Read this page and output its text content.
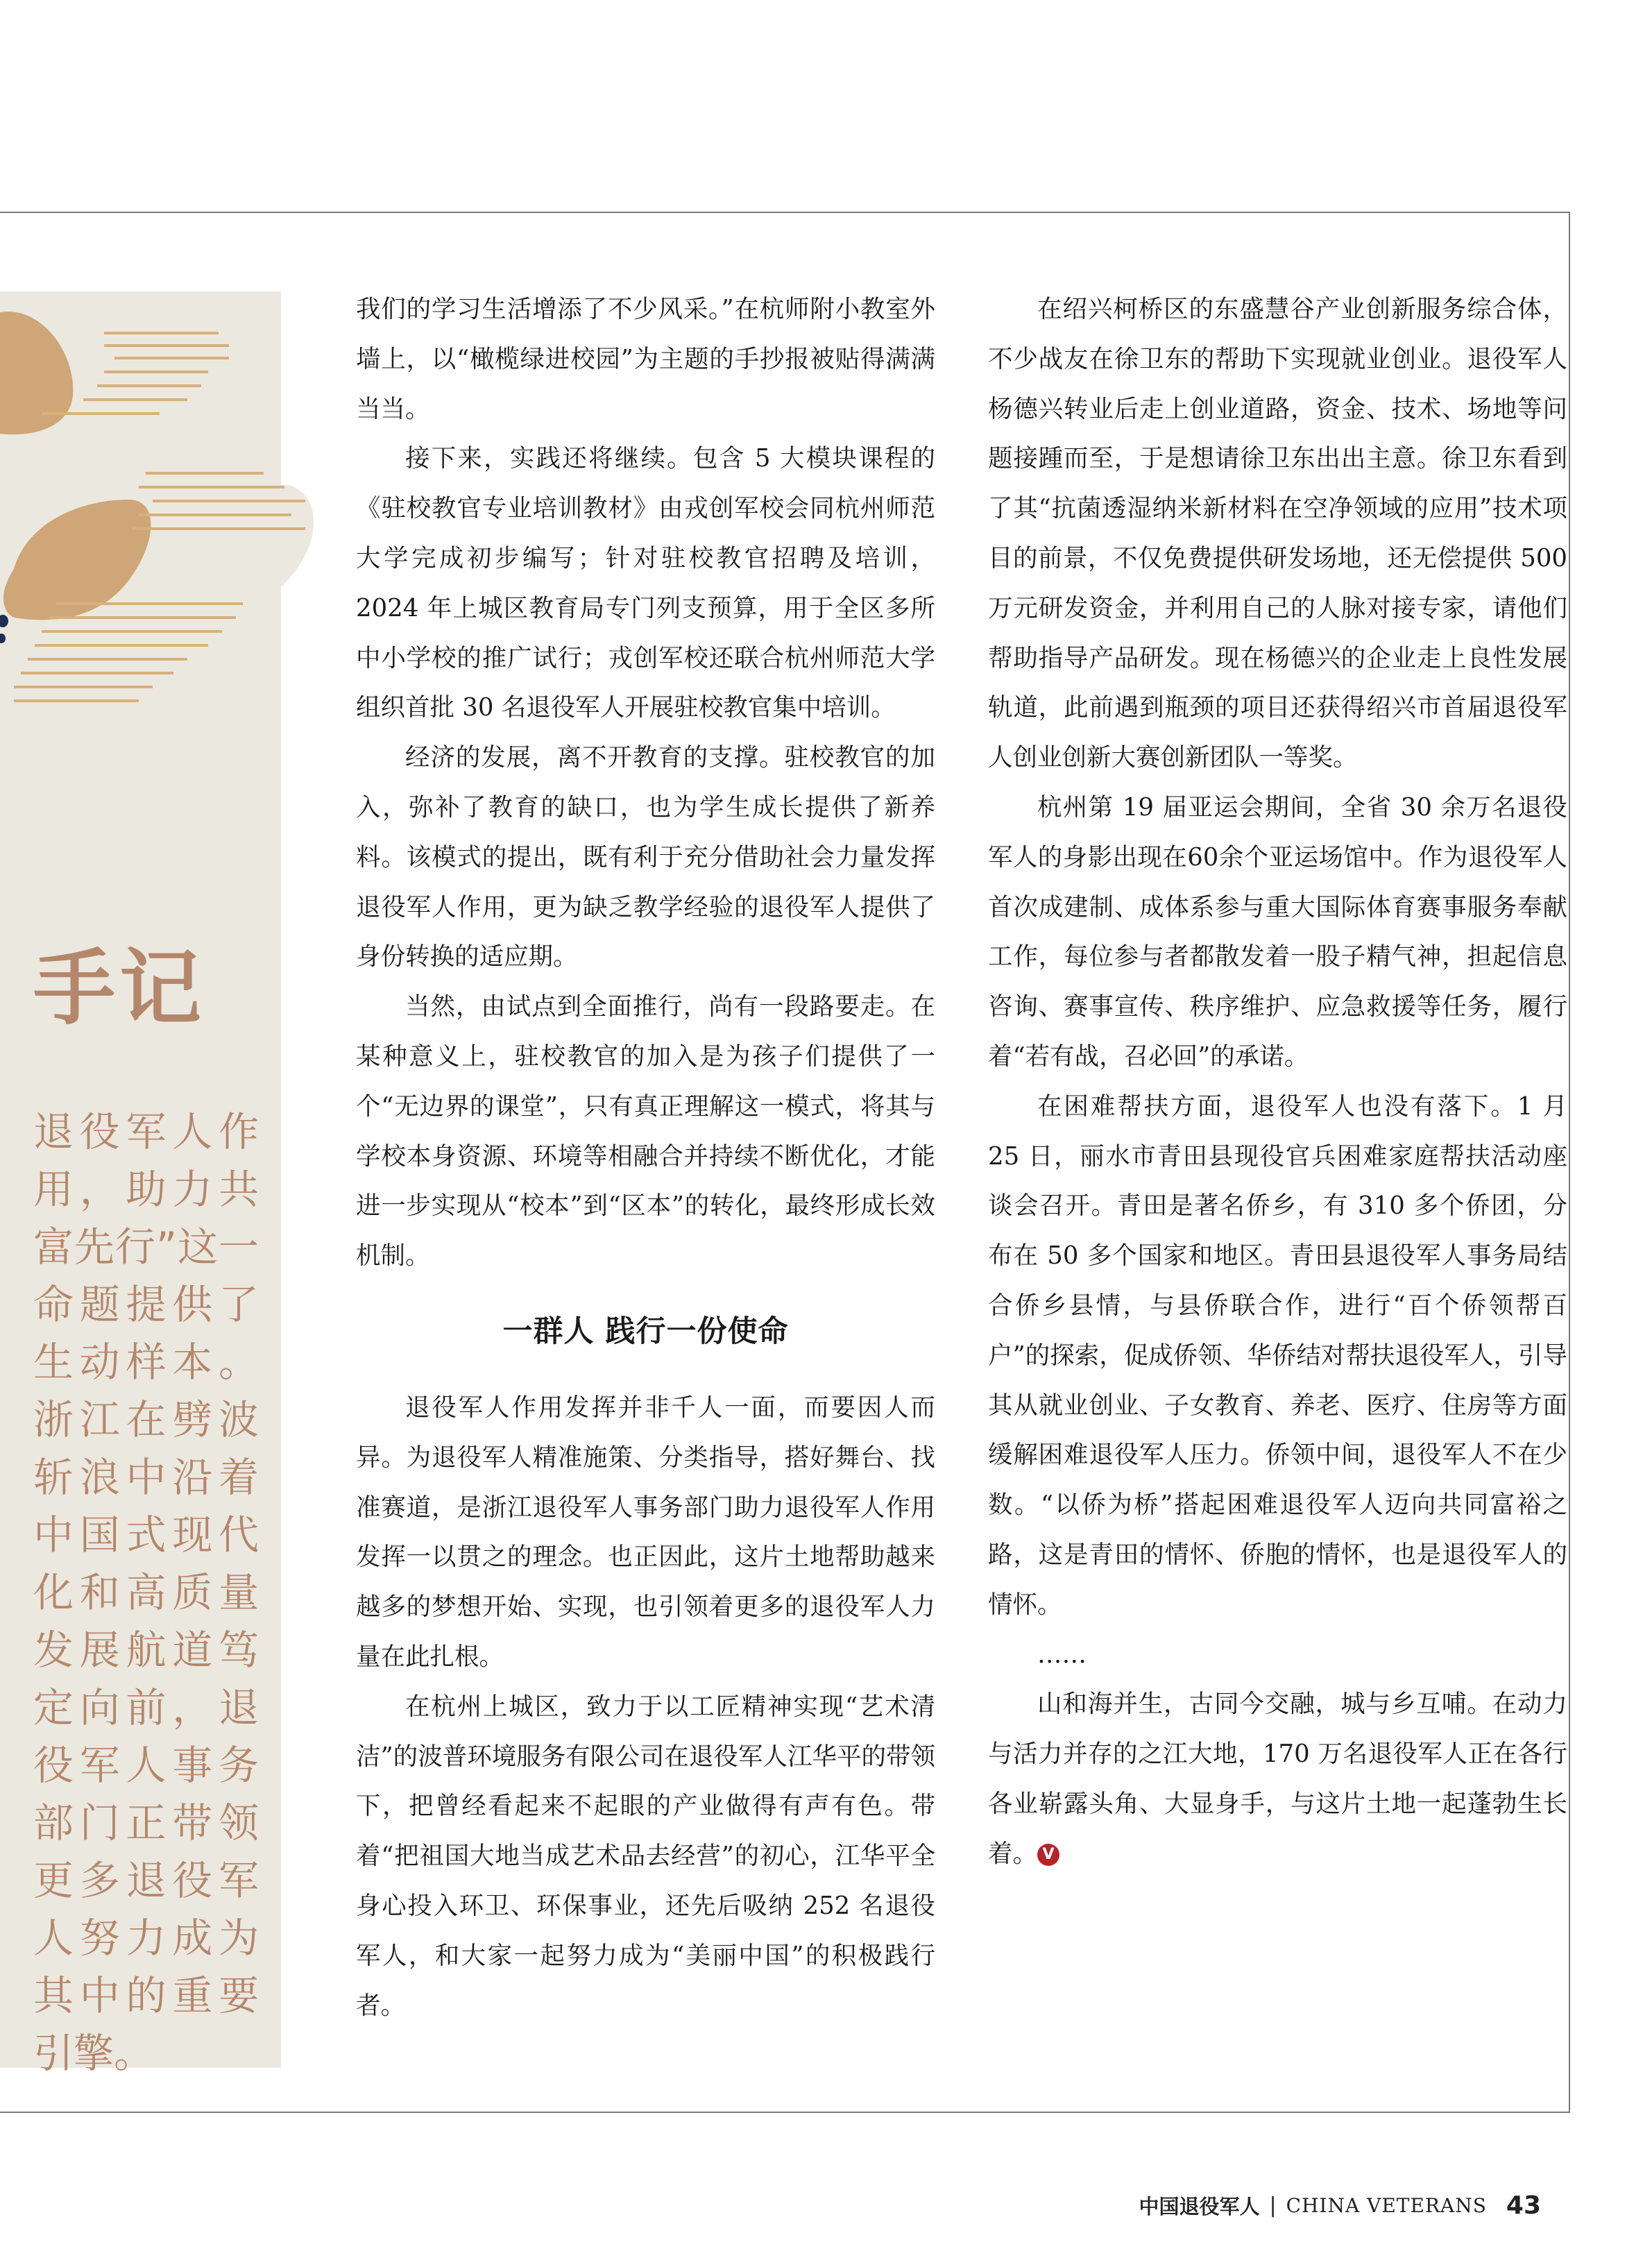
手记

退役军人作用，助力共富先行”这一命题提供了生动样本。浙江在劈波斩浪中沿着中国式现代化和高质量发展航道笃定向前，退役军人事务部门正带领更多退役军人努力成为其中的重要引擎。

我们的学习生活增添了不少风采。”在杭师附小教室外墙上，以“橄榄绿进校园”为主题的手抄报被贴得满满当当。

接下来，实践还将继续。包含 5 大模块课程的《驻校教官专业培训教材》由戎创军校会同杭州师范大学完成初步编写；针对驻校教官招聘及培训，2024 年上城区教育局专门列支预算，用于全区多所中小学校的推广试行；戎创军校还联合杭州师范大学组织首批 30 名退役军人开展驻校教官集中培训。

经济的发展，离不开教育的支撑。驻校教官的加入，弥补了教育的缺口，也为学生成长提供了新养料。该模式的提出，既有利于充分借助社会力量发挥退役军人作用，更为缺乏教学经验的退役军人提供了身份转换的适应期。

当然，由试点到全面推行，尚有一段路要走。在某种意义上，驻校教官的加入是为孩子们提供了一个“无边界的课堂”，只有真正理解这一模式，将其与学校本身资源、环境等相融合并持续不断优化，才能进一步实现从“校本”到“区本”的转化，最终形成长效机制。

一群人 践行一份使命

退役军人作用发挥并非千人一面，而要因人而异。为退役军人精准施策、分类指导，搭好舞台、找准赛道，是浙江退役军人事务部门助力退役军人作用发挥一以贯之的理念。也正因此，这片土地帮助越来越多的梦想开始、实现，也引领着更多的退役军人力量在此扎根。

在杭州上城区，致力于以工匠精神实现“艺术清洁”的波普环境服务有限公司在退役军人江华平的带领下，把曾经看起来不起眼的产业做得有声有色。带着“把祖国大地当成艺术品去经营”的初心，江华平全身心投入环卫、环保事业，还先后吸纳 252 名退役军人，和大家一起努力成为“美丽中国”的积极践行者。

在绍兴柯桥区的东盛慧谷产业创新服务综合体，不少战友在徐卫东的帮助下实现就业创业。退役军人杨德兴转业后走上创业道路，资金、技术、场地等问题接踵而至，于是想请徐卫东出出主意。徐卫东看到了其“抗菌透湿纳米新材料在空净领域的应用”技术项目的前景，不仅免费提供研发场地，还无偿提供 500 万元研发资金，并利用自己的人脉对接专家，请他们帮助指导产品研发。现在杨德兴的企业走上良性发展轨道，此前遇到瓶颈的项目还获得绍兴市首届退役军人创业创新大赛创新团队一等奖。

杭州第 19 届亚运会期间，全省 30 余万名退役军人的身影出现在60余个亚运场馆中。作为退役军人首次成建制、成体系参与重大国际体育赛事服务奉献工作，每位参与者都散发着一股子精气神，担起信息咨询、赛事宣传、秩序维护、应急救援等任务，履行着“若有战，召必回”的承诺。

在困难帮扶方面，退役军人也没有落下。1 月 25 日，丽水市青田县现役官兵困难家庭帮扶活动座谈会召开。青田是著名侨乡，有 310 多个侨团，分布在 50 多个国家和地区。青田县退役军人事务局结合侨乡县情，与县侨联合作，进行“百个侨领帮百户”的探索，促成侨领、华侨结对帮扶退役军人，引导其从就业创业、子女教育、养老、医疗、住房等方面缓解困难退役军人压力。侨领中间，退役军人不在少数。“以侨为桥”搭起困难退役军人迈向共同富裕之路，这是青田的情怀、侨胞的情怀，也是退役军人的情怀。

……

山和海并生，古同今交融，城与乡互哺。在动力与活力并存的之江大地，170 万名退役军人正在各行各业崭露头角、大显身手，与这片土地一起蓬勃生长着。 V

中国退役军人 | CHINA VETERANS 43
